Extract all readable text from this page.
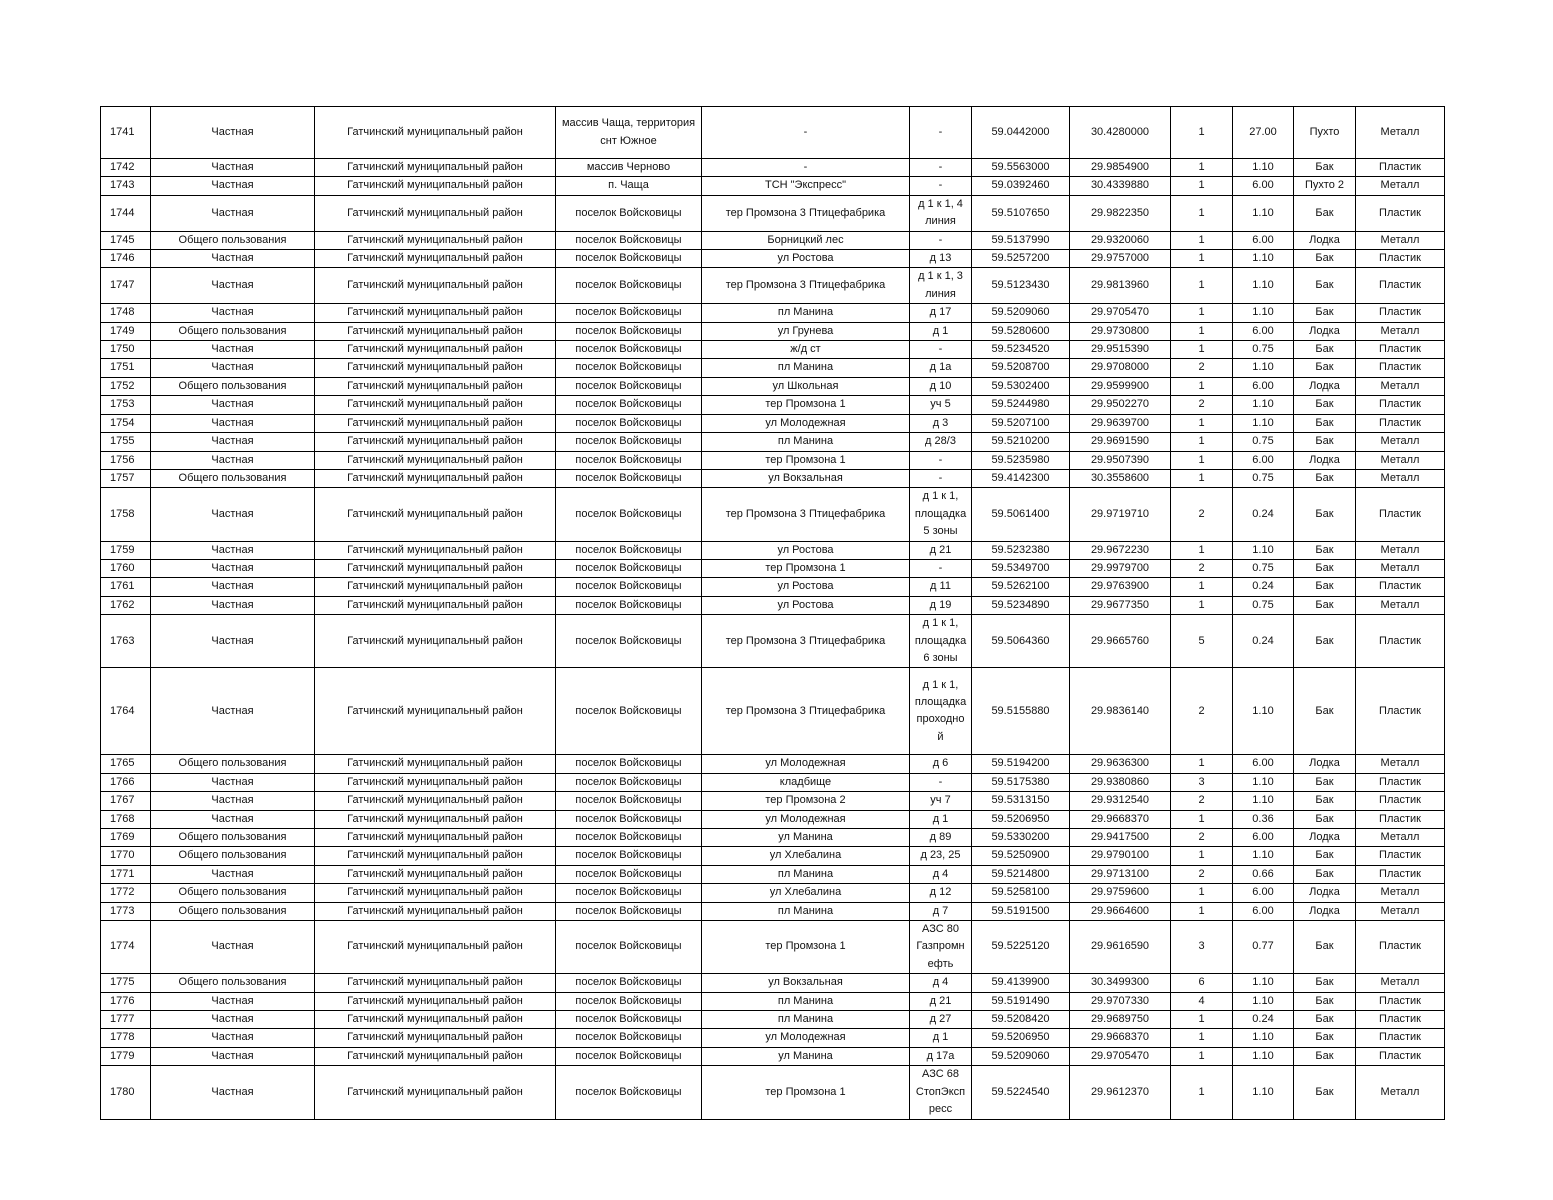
1741	Частная	Гатчинский муниципальный район	массив Чаща, территория снт Южное	-	-	59.0442000	30.4280000	1	27.00	Пухто	Металл
1742	Частная	Гатчинский муниципальный район	массив Черново	-	-	59.5563000	29.9854900	1	1.10	Бак	Пластик
1743	Частная	Гатчинский муниципальный район	п. Чаща	ТСН "Экспресс"	-	59.0392460	30.4339880	1	6.00	Пухто 2	Металл
1744	Частная	Гатчинский муниципальный район	поселок Войсковицы	тер Промзона 3 Птицефабрика	д 1 к 1, 4 линия	59.5107650	29.9822350	1	1.10	Бак	Пластик
1745	Общего пользования	Гатчинский муниципальный район	поселок Войсковицы	Борницкий лес	-	59.5137990	29.9320060	1	6.00	Лодка	Металл
1746	Частная	Гатчинский муниципальный район	поселок Войсковицы	ул Ростова	д 13	59.5257200	29.9757000	1	1.10	Бак	Пластик
1747	Частная	Гатчинский муниципальный район	поселок Войсковицы	тер Промзона 3 Птицефабрика	д 1 к 1, 3 линия	59.5123430	29.9813960	1	1.10	Бак	Пластик
1748	Частная	Гатчинский муниципальный район	поселок Войсковицы	пл Манина	д 17	59.5209060	29.9705470	1	1.10	Бак	Пластик
1749	Общего пользования	Гатчинский муниципальный район	поселок Войсковицы	ул Грунева	д 1	59.5280600	29.9730800	1	6.00	Лодка	Металл
1750	Частная	Гатчинский муниципальный район	поселок Войсковицы	ж/д ст	-	59.5234520	29.9515390	1	0.75	Бак	Пластик
1751	Частная	Гатчинский муниципальный район	поселок Войсковицы	пл Манина	д 1а	59.5208700	29.9708000	2	1.10	Бак	Пластик
1752	Общего пользования	Гатчинский муниципальный район	поселок Войсковицы	ул Школьная	д 10	59.5302400	29.9599900	1	6.00	Лодка	Металл
1753	Частная	Гатчинский муниципальный район	поселок Войсковицы	тер Промзона 1	уч 5	59.5244980	29.9502270	2	1.10	Бак	Пластик
1754	Частная	Гатчинский муниципальный район	поселок Войсковицы	ул Молодежная	д 3	59.5207100	29.9639700	1	1.10	Бак	Пластик
1755	Частная	Гатчинский муниципальный район	поселок Войсковицы	пл Манина	д 28/3	59.5210200	29.9691590	1	0.75	Бак	Металл
1756	Частная	Гатчинский муниципальный район	поселок Войсковицы	тер Промзона 1	-	59.5235980	29.9507390	1	6.00	Лодка	Металл
1757	Общего пользования	Гатчинский муниципальный район	поселок Войсковицы	ул Вокзальная	-	59.4142300	30.3558600	1	0.75	Бак	Металл
1758	Частная	Гатчинский муниципальный район	поселок Войсковицы	тер Промзона 3 Птицефабрика	д 1 к 1, площадка 5 зоны	59.5061400	29.9719710	2	0.24	Бак	Пластик
1759	Частная	Гатчинский муниципальный район	поселок Войсковицы	ул Ростова	д 21	59.5232380	29.9672230	1	1.10	Бак	Металл
1760	Частная	Гатчинский муниципальный район	поселок Войсковицы	тер Промзона 1	-	59.5349700	29.9979700	2	0.75	Бак	Металл
1761	Частная	Гатчинский муниципальный район	поселок Войсковицы	ул Ростова	д 11	59.5262100	29.9763900	1	0.24	Бак	Пластик
1762	Частная	Гатчинский муниципальный район	поселок Войсковицы	ул Ростова	д 19	59.5234890	29.9677350	1	0.75	Бак	Металл
1763	Частная	Гатчинский муниципальный район	поселок Войсковицы	тер Промзона 3 Птицефабрика	д 1 к 1, площадка 6 зоны	59.5064360	29.9665760	5	0.24	Бак	Пластик
1764	Частная	Гатчинский муниципальный район	поселок Войсковицы	тер Промзона 3 Птицефабрика	д 1 к 1, площадка проходно й	59.5155880	29.9836140	2	1.10	Бак	Пластик
1765	Общего пользования	Гатчинский муниципальный район	поселок Войсковицы	ул Молодежная	д 6	59.5194200	29.9636300	1	6.00	Лодка	Металл
1766	Частная	Гатчинский муниципальный район	поселок Войсковицы	кладбище	-	59.5175380	29.9380860	3	1.10	Бак	Пластик
1767	Частная	Гатчинский муниципальный район	поселок Войсковицы	тер Промзона 2	уч 7	59.5313150	29.9312540	2	1.10	Бак	Пластик
1768	Частная	Гатчинский муниципальный район	поселок Войсковицы	ул Молодежная	д 1	59.5206950	29.9668370	1	0.36	Бак	Пластик
1769	Общего пользования	Гатчинский муниципальный район	поселок Войсковицы	ул Манина	д 89	59.5330200	29.9417500	2	6.00	Лодка	Металл
1770	Общего пользования	Гатчинский муниципальный район	поселок Войсковицы	ул Хлебалина	д 23, 25	59.5250900	29.9790100	1	1.10	Бак	Пластик
1771	Частная	Гатчинский муниципальный район	поселок Войсковицы	пл Манина	д 4	59.5214800	29.9713100	2	0.66	Бак	Пластик
1772	Общего пользования	Гатчинский муниципальный район	поселок Войсковицы	ул Хлебалина	д 12	59.5258100	29.9759600	1	6.00	Лодка	Металл
1773	Общего пользования	Гатчинский муниципальный район	поселок Войсковицы	пл Манина	д 7	59.5191500	29.9664600	1	6.00	Лодка	Металл
1774	Частная	Гатчинский муниципальный район	поселок Войсковицы	тер Промзона 1	АЗС 80 Газпромн ефть	59.5225120	29.9616590	3	0.77	Бак	Пластик
1775	Общего пользования	Гатчинский муниципальный район	поселок Войсковицы	ул Вокзальная	д 4	59.4139900	30.3499300	6	1.10	Бак	Металл
1776	Частная	Гатчинский муниципальный район	поселок Войсковицы	пл Манина	д 21	59.5191490	29.9707330	4	1.10	Бак	Пластик
1777	Частная	Гатчинский муниципальный район	поселок Войсковицы	пл Манина	д 27	59.5208420	29.9689750	1	0.24	Бак	Пластик
1778	Частная	Гатчинский муниципальный район	поселок Войсковицы	ул Молодежная	д 1	59.5206950	29.9668370	1	1.10	Бак	Пластик
1779	Частная	Гатчинский муниципальный район	поселок Войсковицы	ул Манина	д 17а	59.5209060	29.9705470	1	1.10	Бак	Пластик
1780	Частная	Гатчинский муниципальный район	поселок Войсковицы	тер Промзона 1	АЗС 68 СтопЭксп ресс	59.5224540	29.9612370	1	1.10	Бак	Металл
